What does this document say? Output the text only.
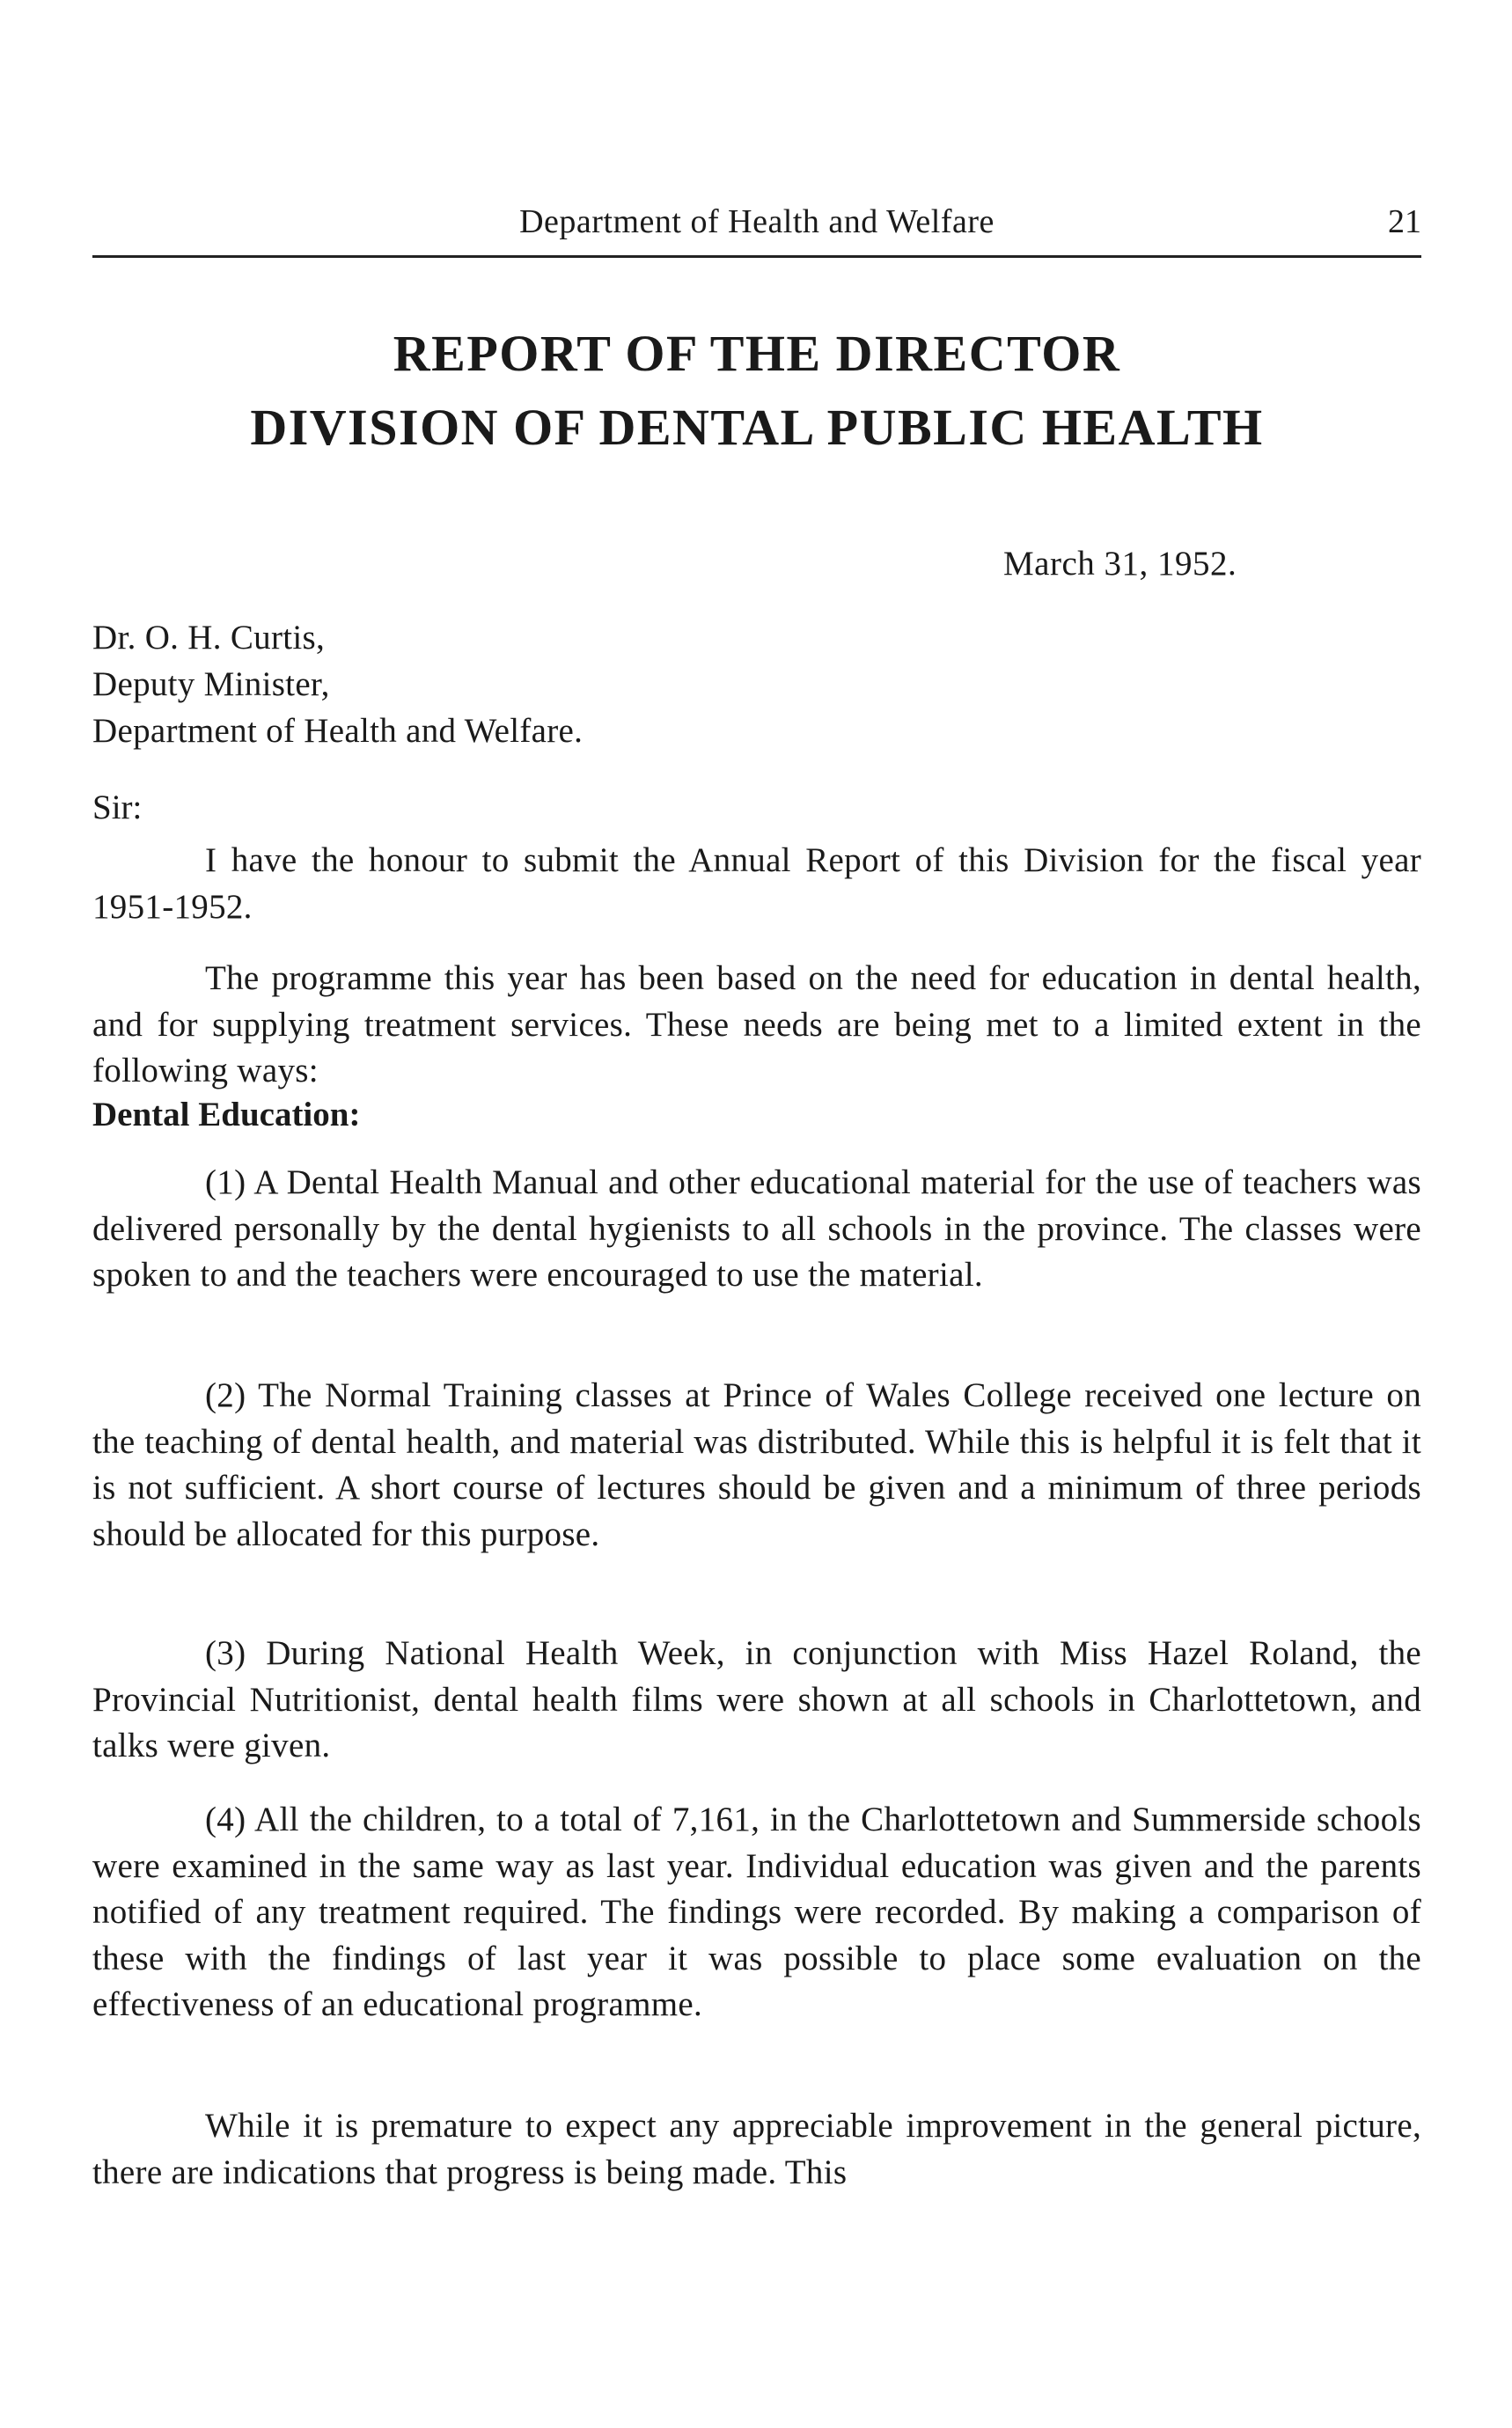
Department of Health and Welfare	21
REPORT OF THE DIRECTOR
DIVISION OF DENTAL PUBLIC HEALTH
March 31, 1952.
Dr. O. H. Curtis,
Deputy Minister,
Department of Health and Welfare.
Sir:

I have the honour to submit the Annual Report of this Division for the fiscal year 1951-1952.

The programme this year has been based on the need for education in dental health, and for supplying treatment services. These needs are being met to a limited extent in the following ways:

Dental Education:

(1) A Dental Health Manual and other educational material for the use of teachers was delivered personally by the dental hygienists to all schools in the province. The classes were spoken to and the teachers were encouraged to use the material.

(2) The Normal Training classes at Prince of Wales College received one lecture on the teaching of dental health, and material was distributed. While this is helpful it is felt that it is not sufficient. A short course of lectures should be given and a minimum of three periods should be allocated for this purpose.

(3) During National Health Week, in conjunction with Miss Hazel Roland, the Provincial Nutritionist, dental health films were shown at all schools in Charlottetown, and talks were given.

(4) All the children, to a total of 7,161, in the Charlottetown and Summerside schools were examined in the same way as last year. Individual education was given and the parents notified of any treatment required. The findings were recorded. By making a comparison of these with the findings of last year it was possible to place some evaluation on the effectiveness of an educational programme.

While it is premature to expect any appreciable improvement in the general picture, there are indications that progress is being made. This
